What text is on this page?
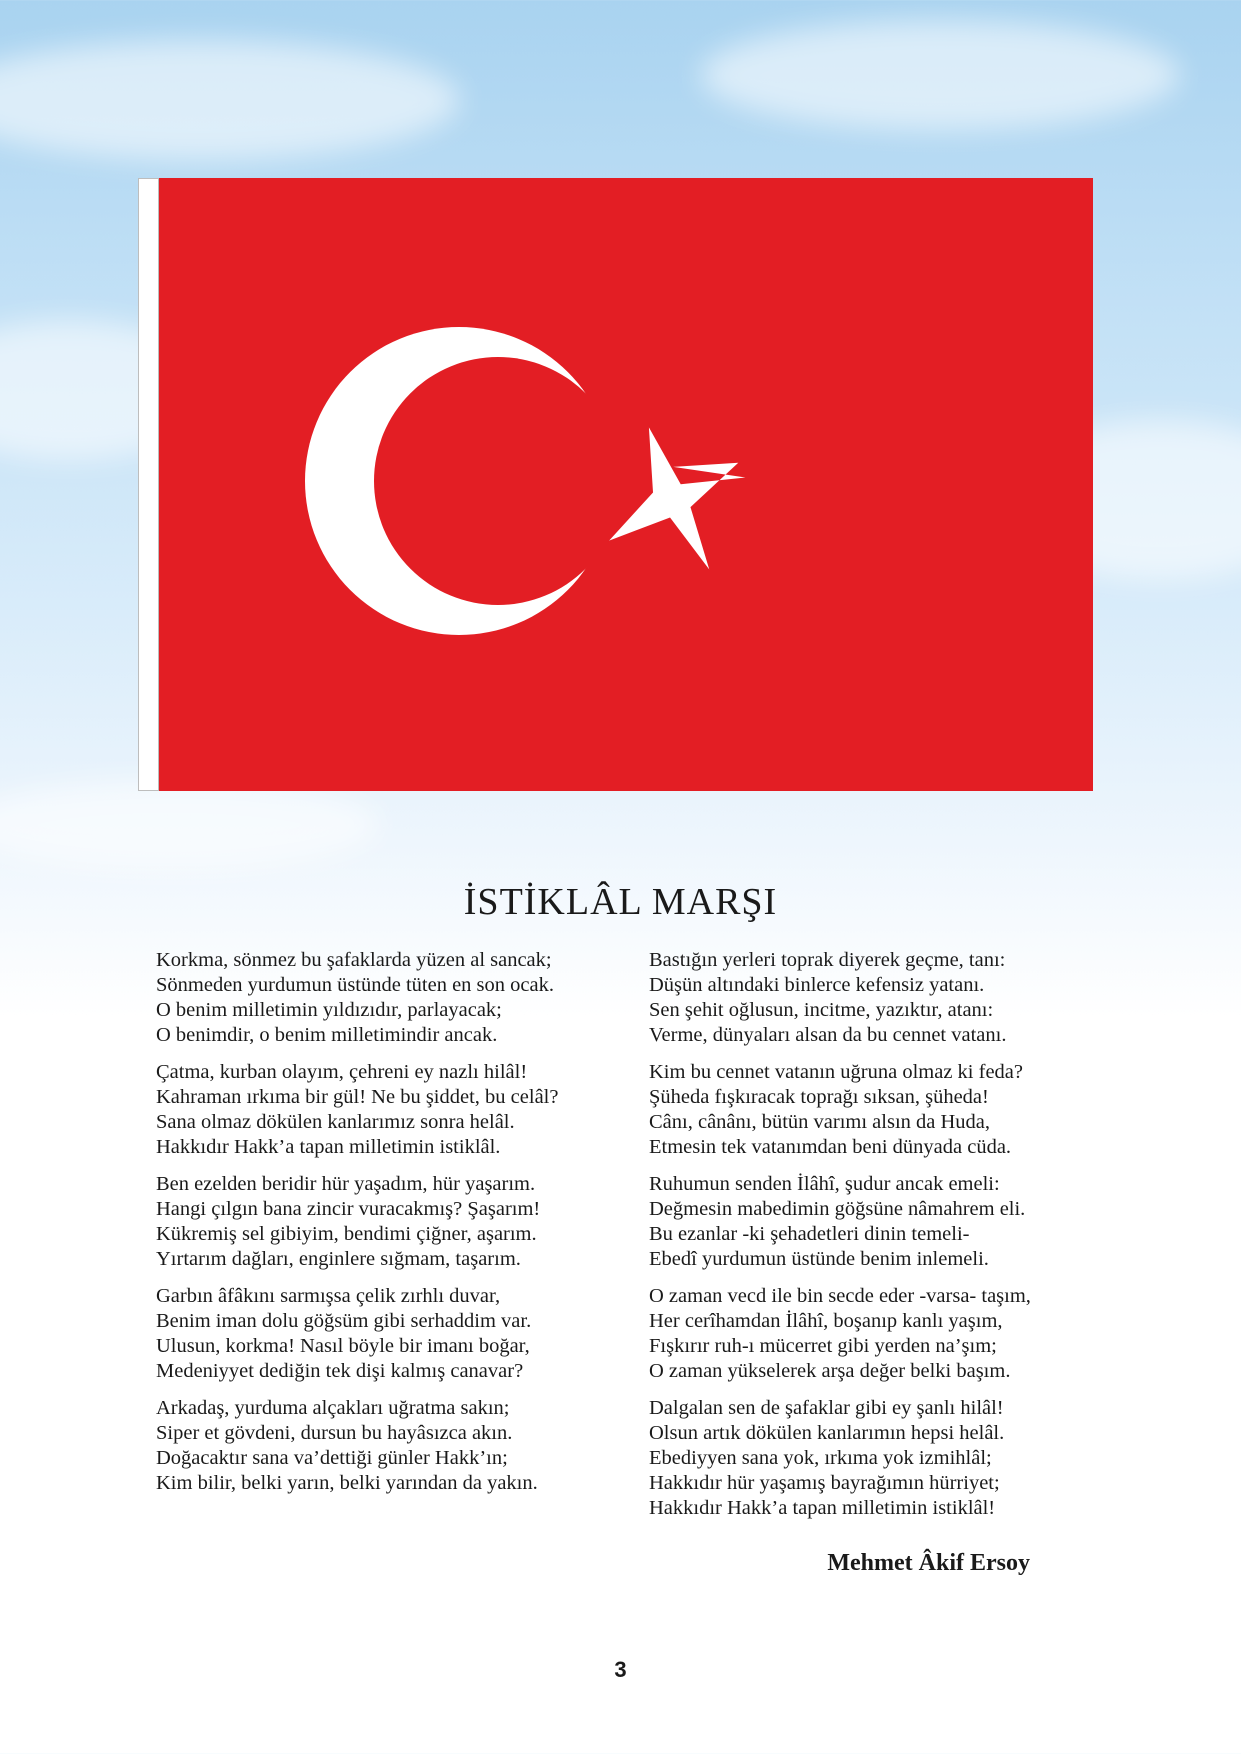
İSTİKLÂL MARŞI
Korkma, sönmez bu şafaklarda yüzen al sancak;
Sönmeden yurdumun üstünde tüten en son ocak.
O benim milletimin yıldızıdır, parlayacak;
O benimdir, o benim milletimindir ancak.
Çatma, kurban olayım, çehreni ey nazlı hilâl!
Kahraman ırkıma bir gül! Ne bu şiddet, bu celâl?
Sana olmaz dökülen kanlarımız sonra helâl.
Hakkıdır Hakk’a tapan milletimin istiklâl.
Ben ezelden beridir hür yaşadım, hür yaşarım.
Hangi çılgın bana zincir vuracakmış? Şaşarım!
Kükremiş sel gibiyim, bendimi çiğner, aşarım.
Yırtarım dağları, enginlere sığmam, taşarım.
Garbın âfâkını sarmışsa çelik zırhlı duvar,
Benim iman dolu göğsüm gibi serhaddim var.
Ulusun, korkma! Nasıl böyle bir imanı boğar,
Medeniyyet dediğin tek dişi kalmış canavar?
Arkadaş, yurduma alçakları uğratma sakın;
Siper et gövdeni, dursun bu hayâsızca akın.
Doğacaktır sana va’dettiği günler Hakk’ın;
Kim bilir, belki yarın, belki yarından da yakın.
Bastığın yerleri toprak diyerek geçme, tanı:
Düşün altındaki binlerce kefensiz yatanı.
Sen şehit oğlusun, incitme, yazıktır, atanı:
Verme, dünyaları alsan da bu cennet vatanı.
Kim bu cennet vatanın uğruna olmaz ki feda?
Şüheda fışkıracak toprağı sıksan, şüheda!
Cânı, cânânı, bütün varımı alsın da Huda,
Etmesin tek vatanımdan beni dünyada cüda.
Ruhumun senden İlâhî, şudur ancak emeli:
Değmesin mabedimin göğsüne nâmahrem eli.
Bu ezanlar -ki şehadetleri dinin temeli-
Ebedî yurdumun üstünde benim inlemeli.
O zaman vecd ile bin secde eder -varsa- taşım,
Her cerîhamdan İlâhî, boşanıp kanlı yaşım,
Fışkırır ruh-ı mücerret gibi yerden na’şım;
O zaman yükselerek arşa değer belki başım.
Dalgalan sen de şafaklar gibi ey şanlı hilâl!
Olsun artık dökülen kanlarımın hepsi helâl.
Ebediyyen sana yok, ırkıma yok izmihlâl;
Hakkıdır hür yaşamış bayrağımın hürriyet;
Hakkıdır Hakk’a tapan milletimin istiklâl!
Mehmet Âkif Ersoy
3
